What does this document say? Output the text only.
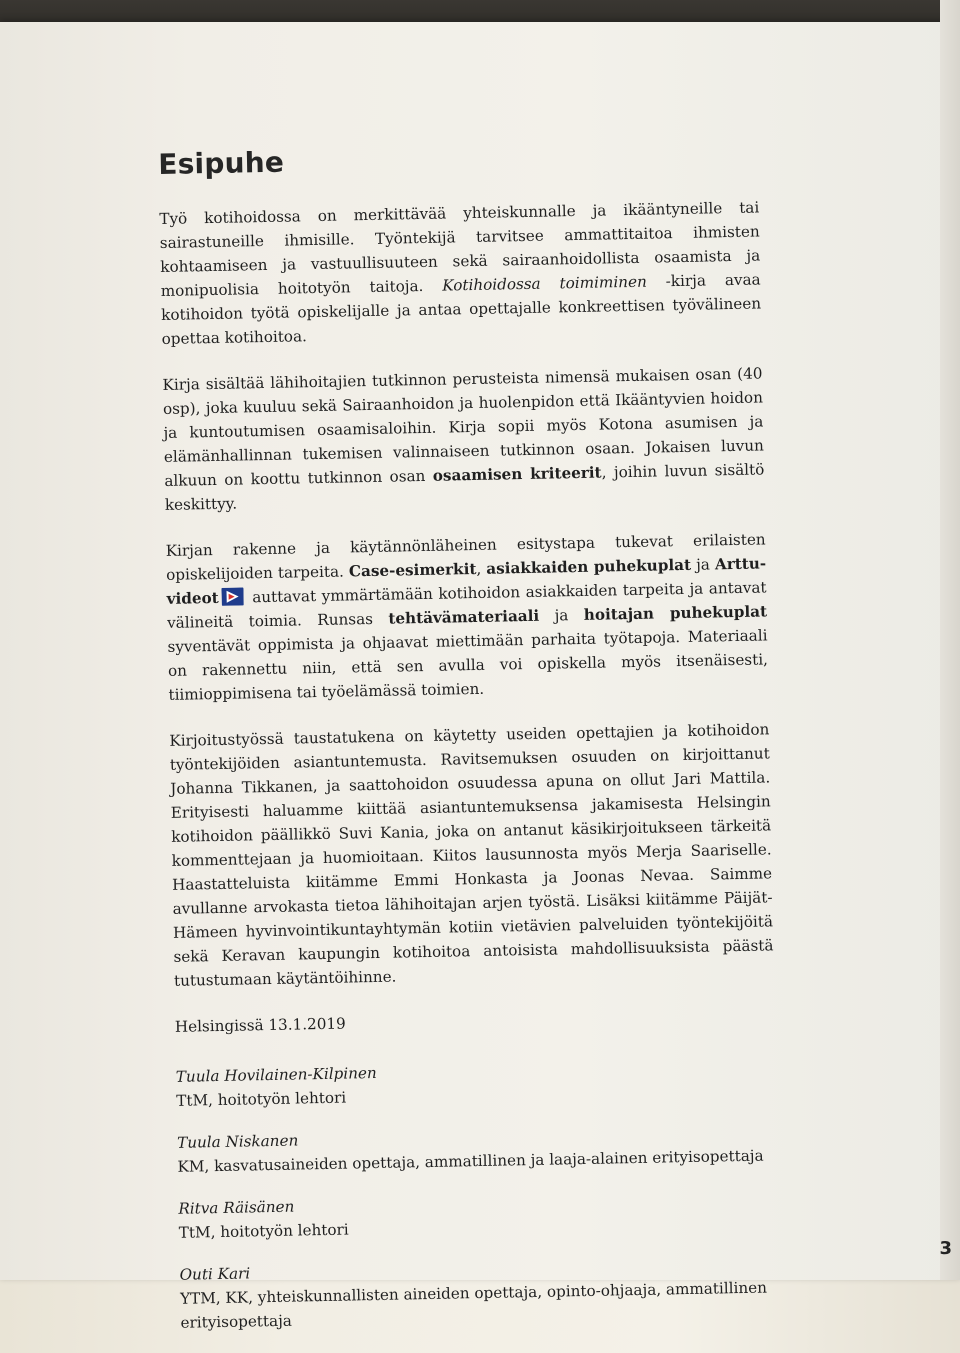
Esipuhe

Työ kotihoidossa on merkittävää yhteiskunnalle ja ikääntyneille tai sairastuneille ihmisille. Työntekijä tarvitsee ammattitaitoa ihmisten kohtaamiseen ja vastuullisuuteen sekä sairaanhoidollista osaamista ja monipuolisia hoitotyön taitoja. Kotihoidossa toimiminen -kirja avaa kotihoidon työtä opiskelijalle ja antaa opettajalle konkreettisen työvälineen opettaa kotihoitoa.

Kirja sisältää lähihoitajien tutkinnon perusteista nimensä mukaisen osan (40 osp), joka kuuluu sekä Sairaanhoidon ja huolenpidon että Ikääntyvien hoidon ja kuntoutumisen osaamisaloihin. Kirja sopii myös Kotona asumisen ja elämänhallinnan tukemisen valinnaiseen tutkinnon osaan. Jokaisen luvun alkuun on koottu tutkinnon osan osaamisen kriteerit, joihin luvun sisältö keskittyy.

Kirjan rakenne ja käytännönläheinen esitystapa tukevat erilaisten opiskelijoiden tarpeita. Case-esimerkit, asiakkaiden puhekuplat ja Arttu-videot auttavat ymmärtämään kotihoidon asiakkaiden tarpeita ja antavat välineitä toimia. Runsas tehtävämateriaali ja hoitajan puhekuplat syventävät oppimista ja ohjaavat miettimään parhaita työtapoja. Materiaali on rakennettu niin, että sen avulla voi opiskella myös itsenäisesti, tiimioppimisena tai työelämässä toimien.

Kirjoitustyössä taustatukena on käytetty useiden opettajien ja kotihoidon työntekijöiden asiantuntemusta. Ravitsemuksen osuuden on kirjoittanut Johanna Tikkanen, ja saattohoidon osuudessa apuna on ollut Jari Mattila. Erityisesti haluamme kiittää asiantuntemuksensa jakamisesta Helsingin kotihoidon päällikkö Suvi Kania, joka on antanut käsikirjoitukseen tärkeitä kommenttejaan ja huomioitaan. Kiitos lausunnosta myös Merja Saariselle. Haastatteluista kiitämme Emmi Honkasta ja Joonas Nevaa. Saimme avullanne arvokasta tietoa lähihoitajan arjen työstä. Lisäksi kiitämme Päijät-Hämeen hyvinvointikuntayhtymän kotiin vietävien palveluiden työntekijöitä sekä Keravan kaupungin kotihoitoa antoisista mahdollisuuksista päästä tutustumaan käytäntöihinne.

Helsingissä 13.1.2019

Tuula Hovilainen-Kilpinen
TtM, hoitotyön lehtori
Tuula Niskanen
KM, kasvatusaineiden opettaja, ammatillinen ja laaja-alainen erityisopettaja
Ritva Räisänen
TtM, hoitotyön lehtori
Outi Kari
YTM, KK, yhteiskunnallisten aineiden opettaja, opinto-ohjaaja, ammatillinen erityisopettaja
3
